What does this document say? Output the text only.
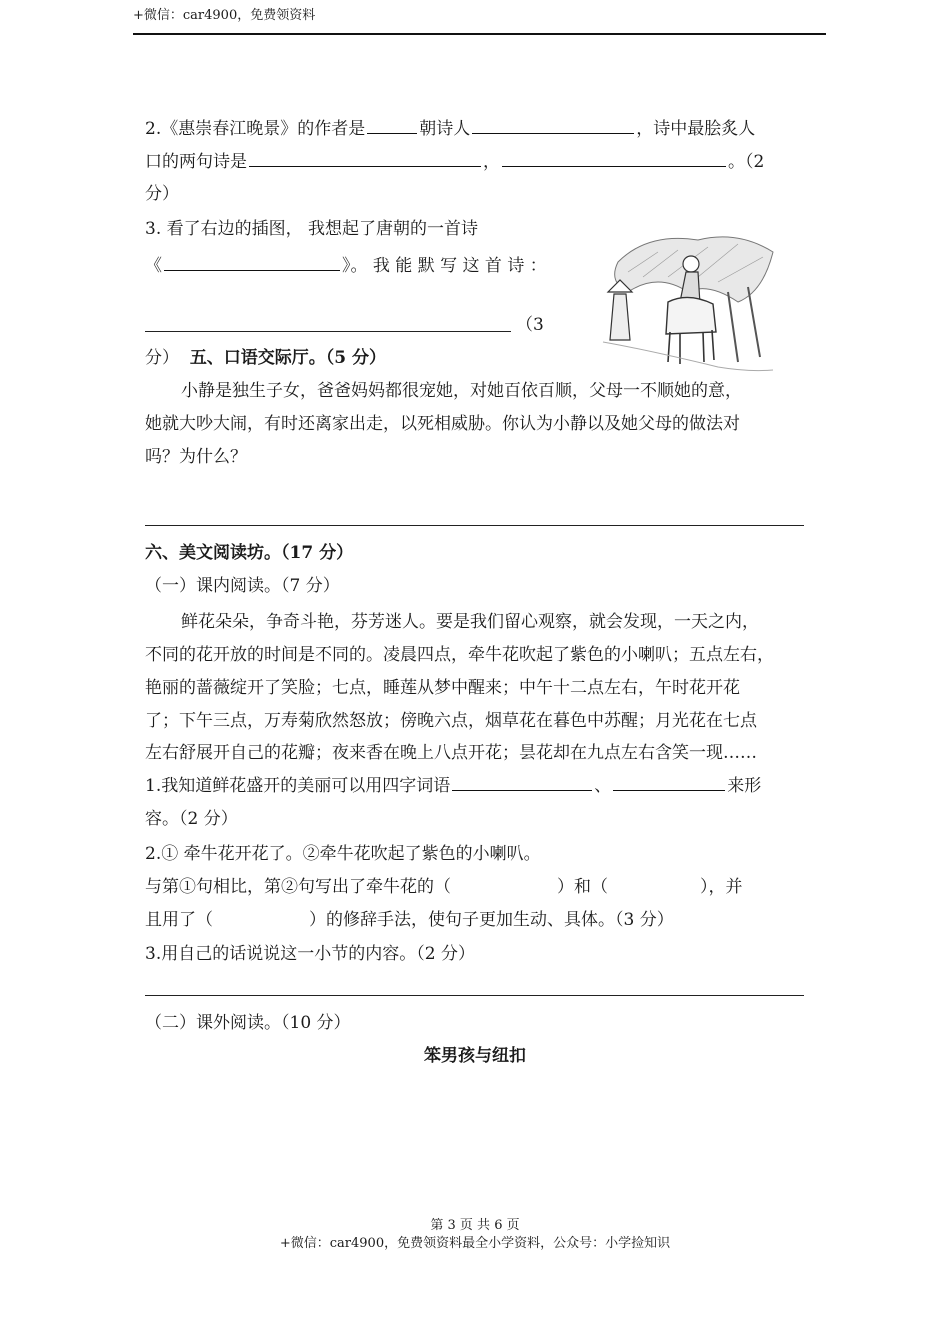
+微信：car4900，免费领资料
2.《惠崇春江晚景》的作者是	朝诗人	，诗中最脍炙人
口的两句诗是	，	。（2
分）
3. 看了右边的插图， 我想起了唐朝的一首诗
《	》。 我 能 默 写 这 首 诗 ：
（3
分） 五、口语交际厅。（5 分）
小静是独生子女，爸爸妈妈都很宠她，对她百依百顺，父母一不顺她的意，
她就大吵大闹，有时还离家出走，以死相威胁。你认为小静以及她父母的做法对
吗？为什么？
六、美文阅读坊。（17 分）
（一）课内阅读。（7 分）
鲜花朵朵，争奇斗艳，芬芳迷人。要是我们留心观察，就会发现，一天之内，
不同的花开放的时间是不同的。凌晨四点，牵牛花吹起了紫色的小喇叭；五点左右，
艳丽的蔷薇绽开了笑脸；七点，睡莲从梦中醒来；中午十二点左右，午时花开花
了；下午三点，万寿菊欣然怒放；傍晚六点，烟草花在暮色中苏醒；月光花在七点
左右舒展开自己的花瓣；夜来香在晚上八点开花；昙花却在九点左右含笑一现……
1.我知道鲜花盛开的美丽可以用四字词语	、	来形
容。（2 分）
2.① 牵牛花开花了。②牵牛花吹起了紫色的小喇叭。
与第①句相比，第②句写出了牵牛花的（	）和（	），并
且用了（	）的修辞手法，使句子更加生动、具体。（3 分）
3.用自己的话说说这一小节的内容。（2 分）
（二）课外阅读。（10 分）
笨男孩与纽扣
第 3 页 共 6 页
+微信：car4900，免费领资料最全小学资料，公众号：小学捡知识
